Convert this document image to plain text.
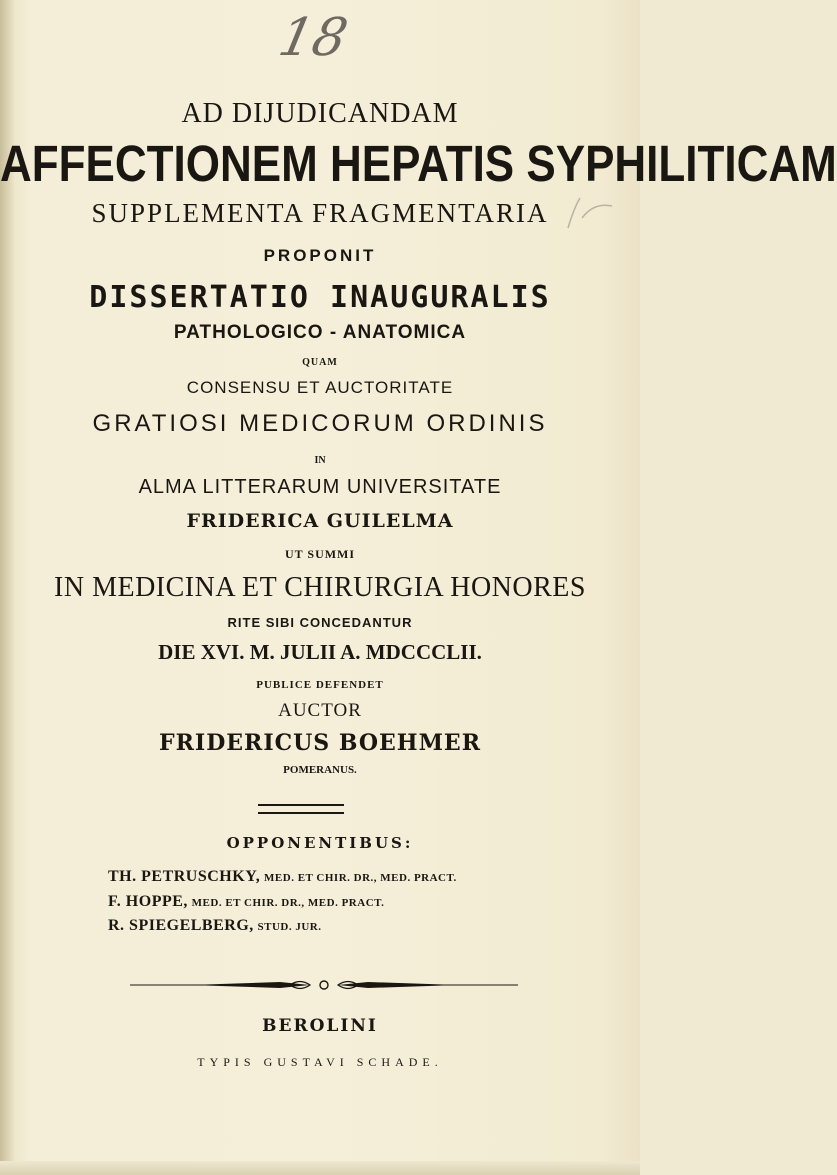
18
AD DIJUDICANDAM
AFFECTIONEM HEPATIS SYPHILITICAM
SUPPLEMENTA FRAGMENTARIA
PROPONIT
DISSERTATIO INAUGURALIS
PATHOLOGICO - ANATOMICA
QUAM
CONSENSU ET AUCTORITATE
GRATIOSI MEDICORUM ORDINIS
IN
ALMA LITTERARUM UNIVERSITATE
FRIDERICA GUILELMA
UT SUMMI
IN MEDICINA ET CHIRURGIA HONORES
RITE SIBI CONCEDANTUR
DIE XVI. M. JULII A. MDCCCLII.
PUBLICE DEFENDET
AUCTOR
FRIDERICUS BOEHMER
POMERANUS.
OPPONENTIBUS:
TH. PETRUSCHKY, MED. ET CHIR. DR., MED. PRACT.
F. HOPPE, MED. ET CHIR. DR., MED. PRACT.
R. SPIEGELBERG, STUD. JUR.
BEROLINI
TYPIS GUSTAVI SCHADE.
